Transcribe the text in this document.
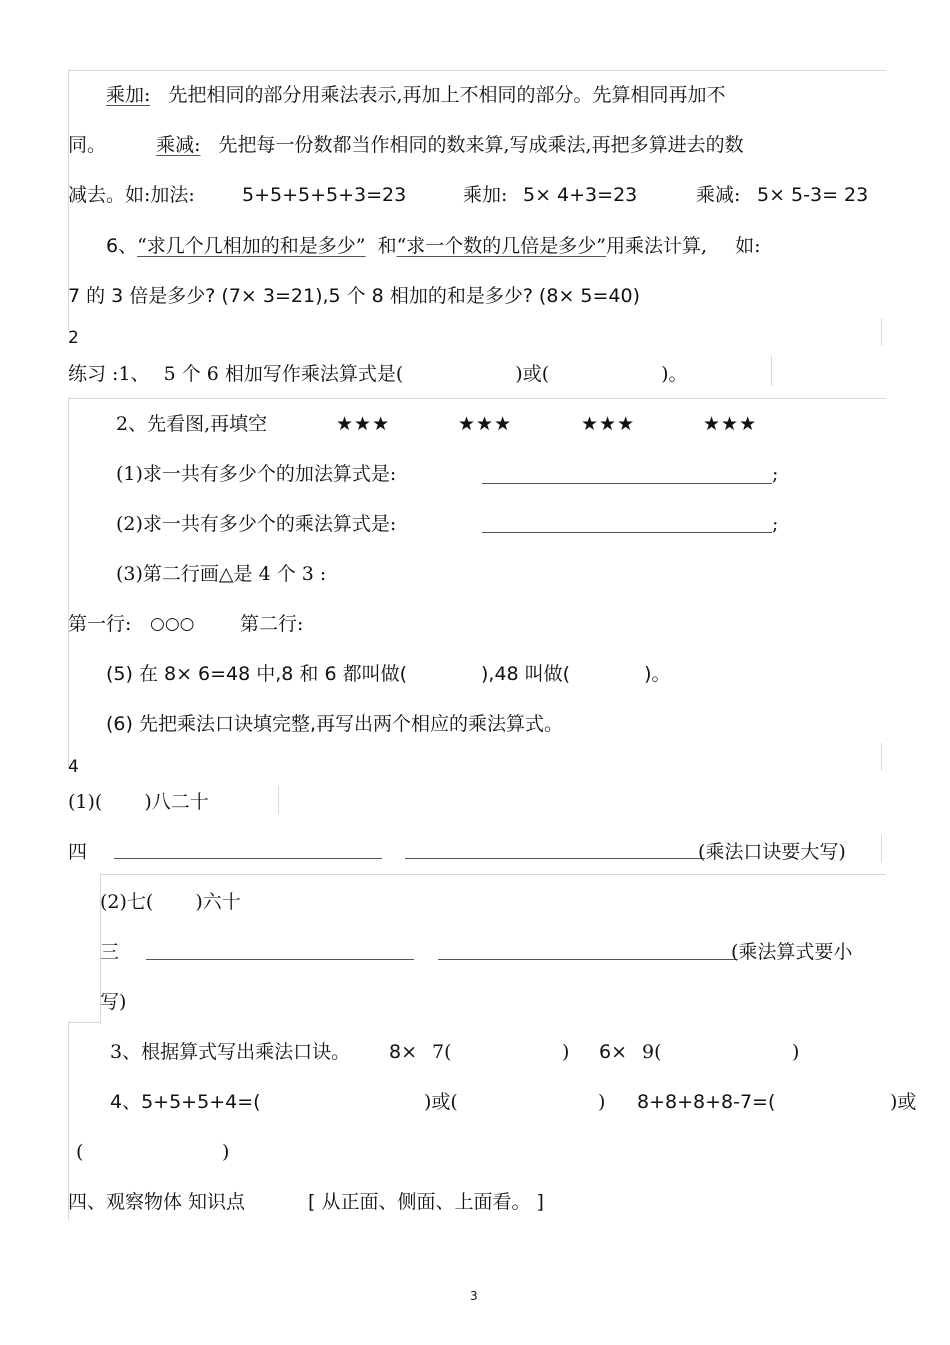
乘加: 先把相同的部分用乘法表示,再加上不相同的部分。先算相同再加不
同。	乘减: 先把每一份数都当作相同的数来算,写成乘法,再把多算进去的数
减去。如:加法: 5+5+5+5+3=23	乘加: 5× 4+3=23	乘减: 5× 5-3= 23
6、“求几个几相加的和是多少” 和“求一个数的几倍是多少”用乘法计算, 如:
7 的 3 倍是多少? (7× 3=21),5 个 8 相加的和是多少? (8× 5=40)
2
练习 :1、 5 个 6 相加写作乘法算式是(	)或(	)。
2、先看图,再填空	★★★	★★★	★★★	★★★
(1)求一共有多少个的加法算式是:	;
(2)求一共有多少个的乘法算式是:	;
(3)第二行画△是 4 个 3 :
第一行: ○○○ 第二行:
(5) 在 8× 6=48 中,8 和 6 都叫做(	),48 叫做(	)。
(6) 先把乘法口诀填完整,再写出两个相应的乘法算式。
4
(1)( )八二十
四	(乘法口诀要大写)
(2)七( )六十
三	(乘法算式要小
写)
3、根据算式写出乘法口诀。 8× 7(	) 6× 9(	)
4、5+5+5+4=(	)或(	) 8+8+8+8-7=(	)或
(	)
四、观察物体 知识点	[ 从正面、侧面、上面看。 ]
3
